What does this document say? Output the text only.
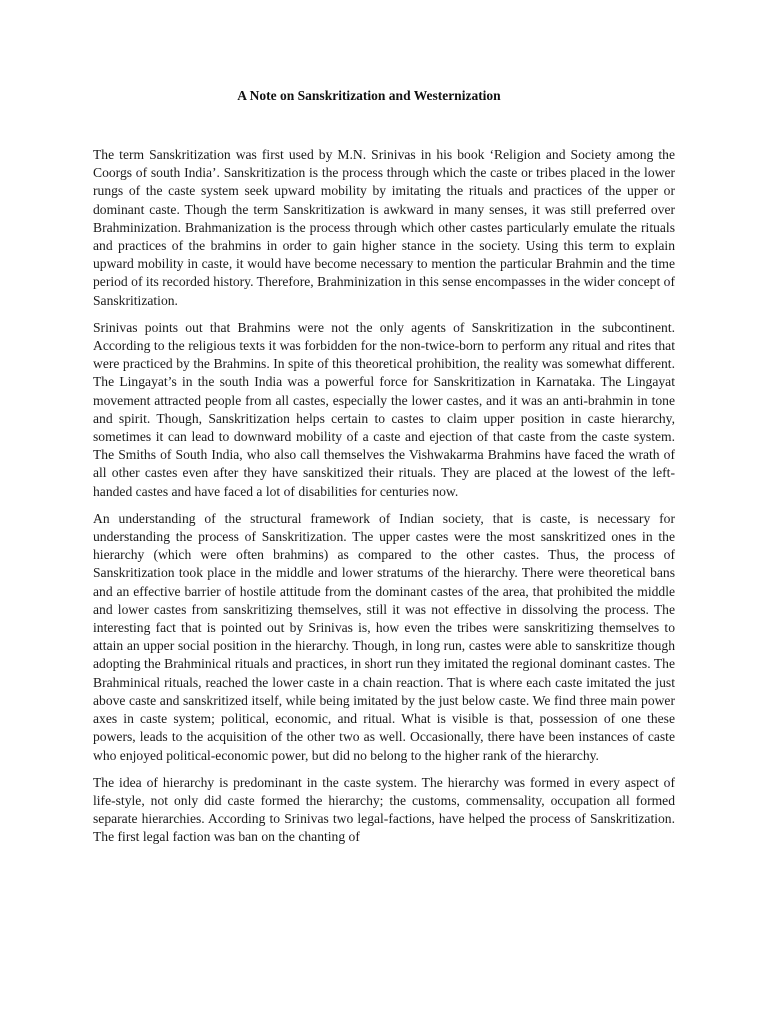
A Note on Sanskritization and Westernization

The term Sanskritization was first used by M.N. Srinivas in his book ‘Religion and Society among the Coorgs of south India’. Sanskritization is the process through which the caste or tribes placed in the lower rungs of the caste system seek upward mobility by imitating the rituals and practices of the upper or dominant caste. Though the term Sanskritization is awkward in many senses, it was still preferred over Brahminization. Brahmanization is the process through which other castes particularly emulate the rituals and practices of the brahmins in order to gain higher stance in the society. Using this term to explain upward mobility in caste, it would have become necessary to mention the particular Brahmin and the time period of its recorded history. Therefore, Brahminization in this sense encompasses in the wider concept of Sanskritization.

Srinivas points out that Brahmins were not the only agents of Sanskritization in the subcontinent. According to the religious texts it was forbidden for the non-twice-born to perform any ritual and rites that were practiced by the Brahmins. In spite of this theoretical prohibition, the reality was somewhat different. The Lingayat’s in the south India was a powerful force for Sanskritization in Karnataka. The Lingayat movement attracted people from all castes, especially the lower castes, and it was an anti-brahmin in tone and spirit. Though, Sanskritization helps certain to castes to claim upper position in caste hierarchy, sometimes it can lead to downward mobility of a caste and ejection of that caste from the caste system. The Smiths of South India, who also call themselves the Vishwakarma Brahmins have faced the wrath of all other castes even after they have sanskitized their rituals. They are placed at the lowest of the left-handed castes and have faced a lot of disabilities for centuries now.

An understanding of the structural framework of Indian society, that is caste, is necessary for understanding the process of Sanskritization. The upper castes were the most sanskritized ones in the hierarchy (which were often brahmins) as compared to the other castes. Thus, the process of Sanskritization took place in the middle and lower stratums of the hierarchy. There were theoretical bans and an effective barrier of hostile attitude from the dominant castes of the area, that prohibited the middle and lower castes from sanskritizing themselves, still it was not effective in dissolving the process. The interesting fact that is pointed out by Srinivas is, how even the tribes were sanskritizing themselves to attain an upper social position in the hierarchy. Though, in long run, castes were able to sanskritize though adopting the Brahminical rituals and practices, in short run they imitated the regional dominant castes. The Brahminical rituals, reached the lower caste in a chain reaction. That is where each caste imitated the just above caste and sanskritized itself, while being imitated by the just below caste. We find three main power axes in caste system; political, economic, and ritual. What is visible is that, possession of one these powers, leads to the acquisition of the other two as well. Occasionally, there have been instances of caste who enjoyed political-economic power, but did no belong to the higher rank of the hierarchy.

The idea of hierarchy is predominant in the caste system. The hierarchy was formed in every aspect of life-style, not only did caste formed the hierarchy; the customs, commensality, occupation all formed separate hierarchies. According to Srinivas two legal-factions, have helped the process of Sanskritization. The first legal faction was ban on the chanting of
